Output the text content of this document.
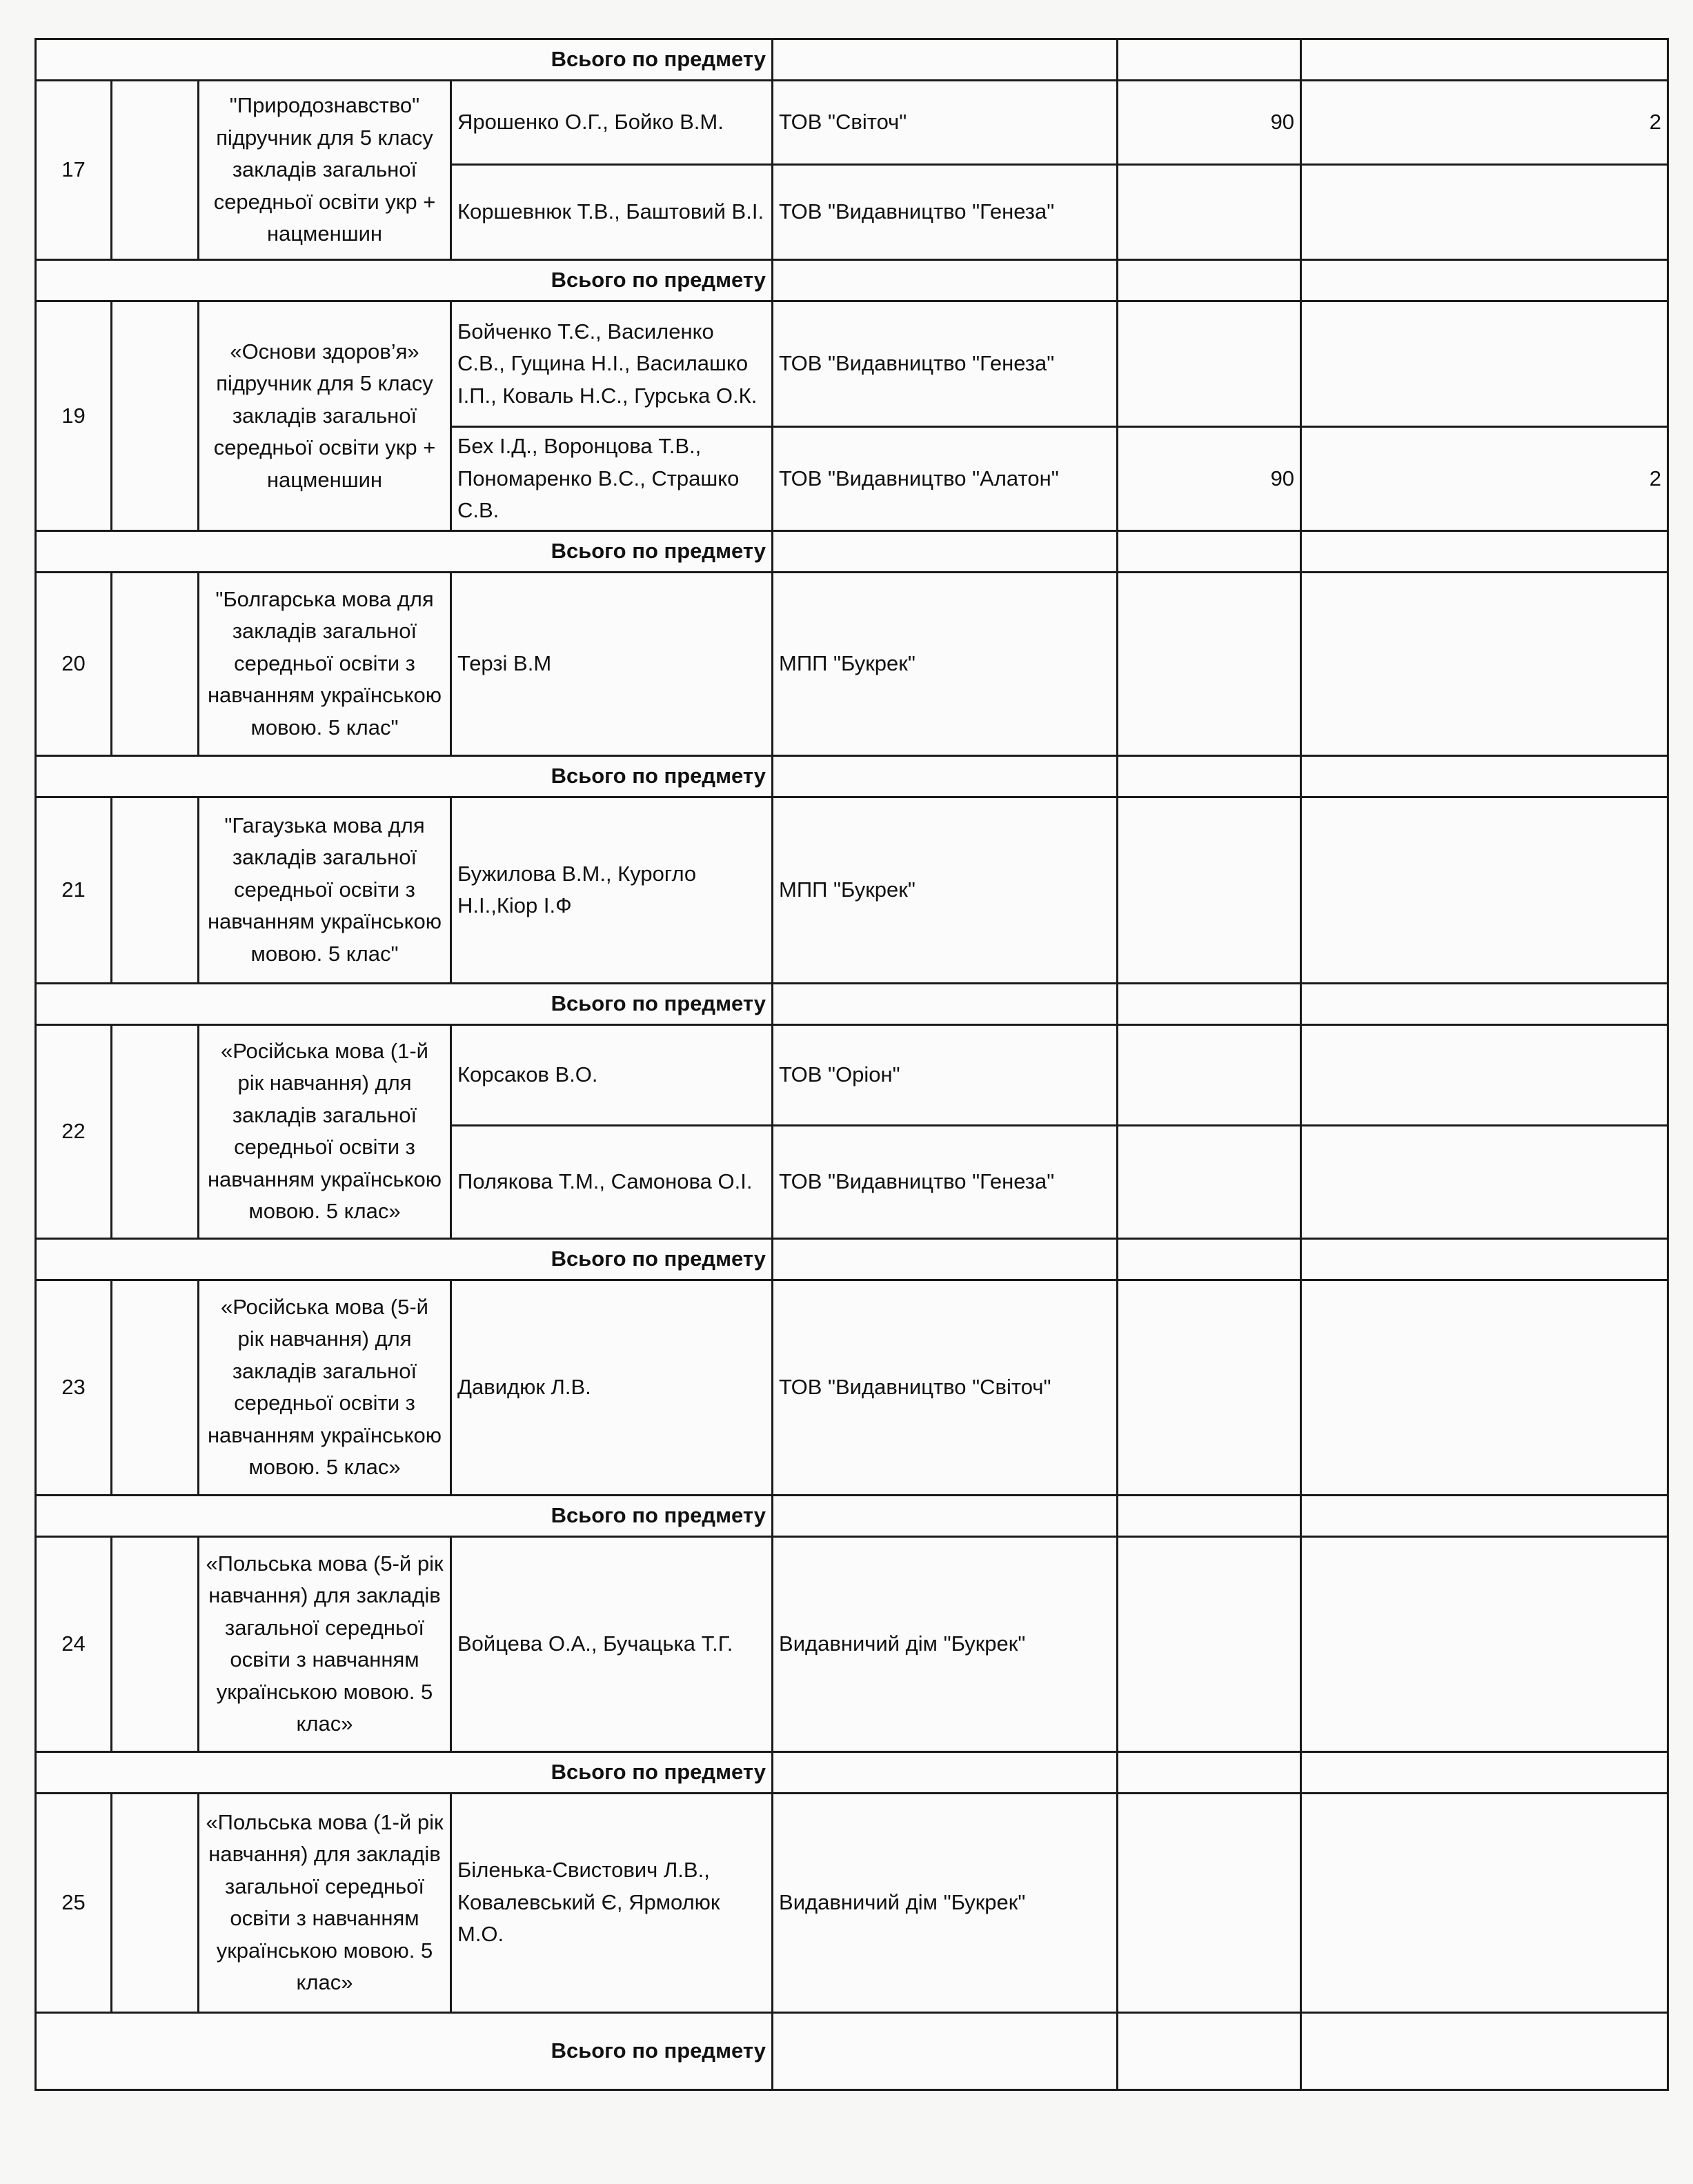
Всього по предмету						
17		"Природознавство" підручник для 5 класу закладів загальної середньої освіти укр + нацменшин	Ярошенко О.Г., Бойко В.М.	ТОВ "Світоч"	90	2
			Коршевнюк Т.В., Баштовий В.І.	ТОВ "Видавництво "Генеза"		
Всього по предмету						
19		«Основи здоров’я» підручник для 5 класу закладів загальної середньої освіти укр + нацменшин	Бойченко Т.Є., Василенко С.В., Гущина Н.І., Василашко І.П., Коваль Н.С., Гурська О.К.	ТОВ "Видавництво "Генеза"		
			Бех І.Д., Воронцова Т.В., Пономаренко В.С., Страшко С.В.	ТОВ "Видавництво "Алатон"	90	2
Всього по предмету						
20		"Болгарська мова для закладів загальної середньої освіти з навчанням українською мовою. 5 клас"	Терзі В.М	МПП "Букрек"		
Всього по предмету						
21		"Гагаузька мова для закладів загальної середньої освіти з навчанням українською мовою. 5 клас"	Бужилова В.М., Курогло Н.І.,Кіор І.Ф	МПП "Букрек"		
Всього по предмету						
22		«Російська мова (1-й рік навчання) для закладів загальної середньої освіти з навчанням українською мовою. 5 клас»	Корсаков В.О.	ТОВ "Оріон"		
			Полякова Т.М., Самонова О.І.	ТОВ "Видавництво "Генеза"		
Всього по предмету						
23		«Російська мова (5-й рік навчання) для закладів загальної середньої освіти з навчанням українською мовою. 5 клас»	Давидюк Л.В.	ТОВ "Видавництво "Світоч"		
Всього по предмету						
24		«Польська мова (5-й рік навчання) для закладів загальної середньої освіти з навчанням українською мовою. 5 клас»	Войцева О.А., Бучацька Т.Г.	Видавничий дім "Букрек"		
Всього по предмету						
25		«Польська мова (1-й рік навчання) для закладів загальної середньої освіти з навчанням українською мовою. 5 клас»	Біленька-Свистович Л.В., Ковалевський Є, Ярмолюк М.О.	Видавничий дім "Букрек"		
Всього по предмету						
